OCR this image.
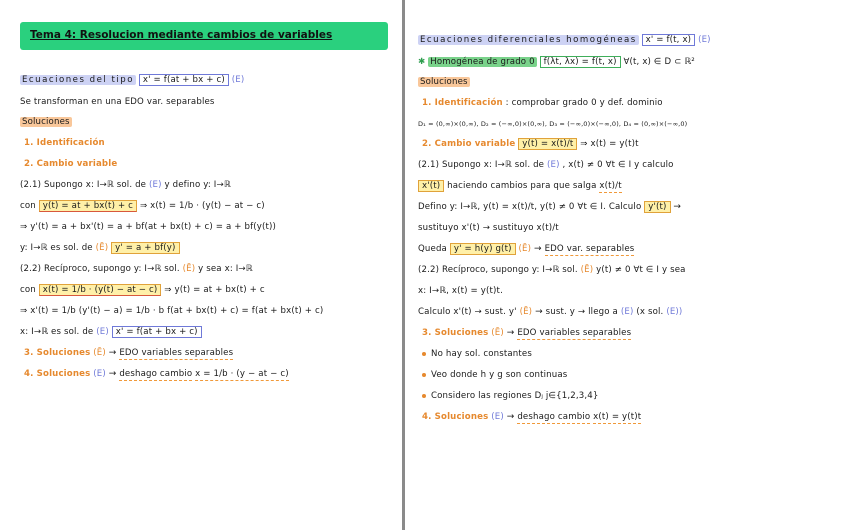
Tema 4: Resolucion mediante cambios de variables
Ecuaciones del tipo x' = f(at + bx + c) (E)
Se transforman en una EDO var. separables
Soluciones
1. Identificación
2. Cambio variable
(2.1) Supongo x: I→ℝ sol. de (E) y defino y: I→ℝ
con y(t) = at + bx(t) + c ⇒ x(t) = 1/b · (y(t) − at − c)
⇒ y'(t) = a + bx'(t) = a + bf(at + bx(t) + c) = a + bf(y(t))
y: I→ℝ es sol. de (Ē) y' = a + bf(y)
(2.2) Recíproco, supongo y: I→ℝ sol. (Ē) y sea x: I→ℝ
con x(t) = 1/b · (y(t) − at − c) ⇒ y(t) = at + bx(t) + c
⇒ x'(t) = 1/b (y'(t) − a) = 1/b · b f(at + bx(t) + c) = f(at + bx(t) + c)
x: I→ℝ es sol. de (E) x' = f(at + bx + c)
3. Soluciones (Ē) → EDO variables separables
4. Soluciones (E) → deshago cambio x = 1/b · (y − at − c)
Ecuaciones diferenciales homogéneas x' = f(t, x) (E)
✱ Homogénea de grado 0 f(λt, λx) = f(t, x) ∀(t, x) ∈ D ⊂ ℝ²
Soluciones
1. Identificación : comprobar grado 0 y def. dominio
D₁ = (0,∞)×(0,∞), D₂ = (−∞,0)×(0,∞), D₃ = (−∞,0)×(−∞,0), D₄ = (0,∞)×(−∞,0)
2. Cambio variable y(t) = x(t)/t ⇒ x(t) = y(t)t
(2.1) Supongo x: I→ℝ sol. de (E) , x(t) ≠ 0 ∀t ∈ I y calculo
x'(t) haciendo cambios para que salga x(t)/t
Defino y: I→ℝ, y(t) = x(t)/t, y(t) ≠ 0 ∀t ∈ I. Calculo y'(t) →
sustituyo x'(t) → sustituyo x(t)/t
Queda y' = h(y) g(t) (Ē) → EDO var. separables
(2.2) Recíproco, supongo y: I→ℝ sol. (Ē) y(t) ≠ 0 ∀t ∈ I y sea
x: I→ℝ, x(t) = y(t)t.
Calculo x'(t) → sust. y' (Ē) → sust. y → llego a (E) (x sol. (E))
3. Soluciones (Ē) → EDO variables separables
No hay sol. constantes
Veo donde h y g son continuas
Considero las regiones Dⱼ j∈{1,2,3,4}
4. Soluciones (E) → deshago cambio x(t) = y(t)t
